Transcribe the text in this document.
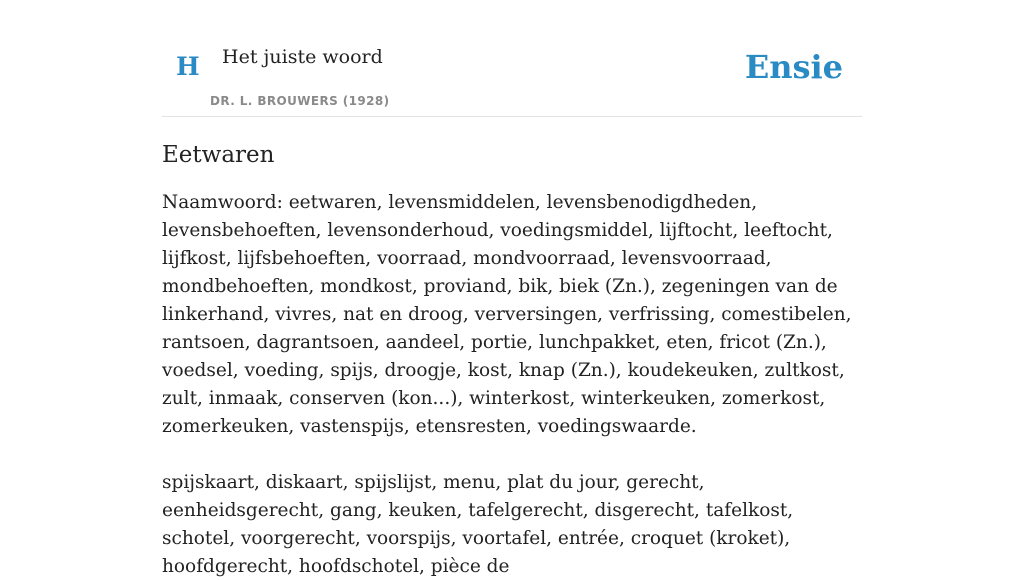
H Het juiste woord
DR. L. BROUWERS (1928)
Ensie
Eetwaren

Naamwoord: eetwaren, levensmiddelen, levensbenodigdheden, levensbehoeften, levensonderhoud, voedingsmiddel, lijftocht, leeftocht, lijfkost, lijfsbehoeften, voorraad, mondvoorraad, levensvoorraad, mondbehoeften, mondkost, proviand, bik, biek (Zn.), zegeningen van de linkerhand, vivres, nat en droog, verversingen, verfrissing, comestibelen, rantsoen, dagrantsoen, aandeel, portie, lunchpakket, eten, fricot (Zn.), voedsel, voeding, spijs, droogje, kost, knap (Zn.), koudekeuken, zultkost, zult, inmaak, conserven (kon...), winterkost, winterkeuken, zomerkost, zomerkeuken, vastenspijs, etensresten, voedingswaarde.

spijskaart, diskaart, spijslijst, menu, plat du jour, gerecht, eenheidsgerecht, gang, keuken, tafelgerecht, disgerecht, tafelkost, schotel, voorgerecht, voorspijs, voortafel, entrée, croquet (kroket), hoofdgerecht, hoofdschotel, pièce de
